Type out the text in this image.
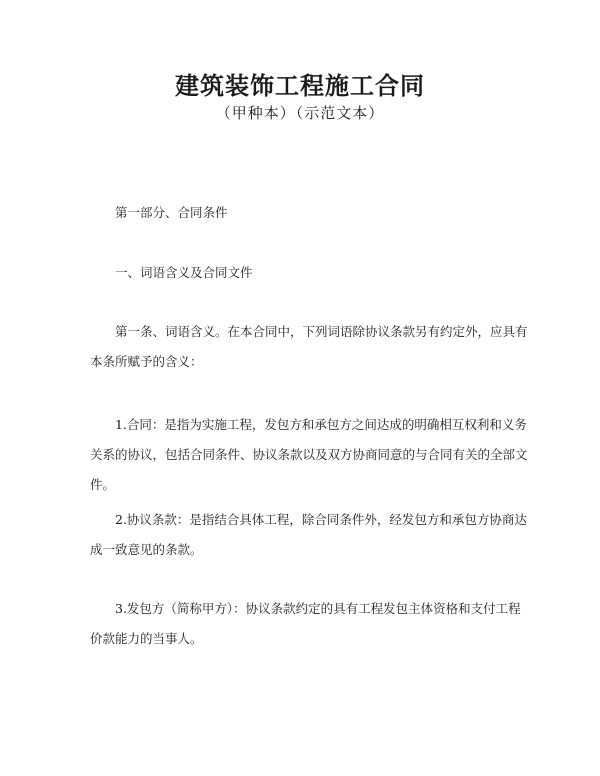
建筑装饰工程施工合同

（甲种本）（示范文本）

第一部分、合同条件

一、词语含义及合同文件

第一条、词语含义。在本合同中，下列词语除协议条款另有约定外，应具有本条所赋予的含义：

1.合同：是指为实施工程，发包方和承包方之间达成的明确相互权利和义务关系的协议，包括合同条件、协议条款以及双方协商同意的与合同有关的全部文件。

2.协议条款：是指结合具体工程，除合同条件外，经发包方和承包方协商达成一致意见的条款。

3.发包方（简称甲方）：协议条款约定的具有工程发包主体资格和支付工程价款能力的当事人。
